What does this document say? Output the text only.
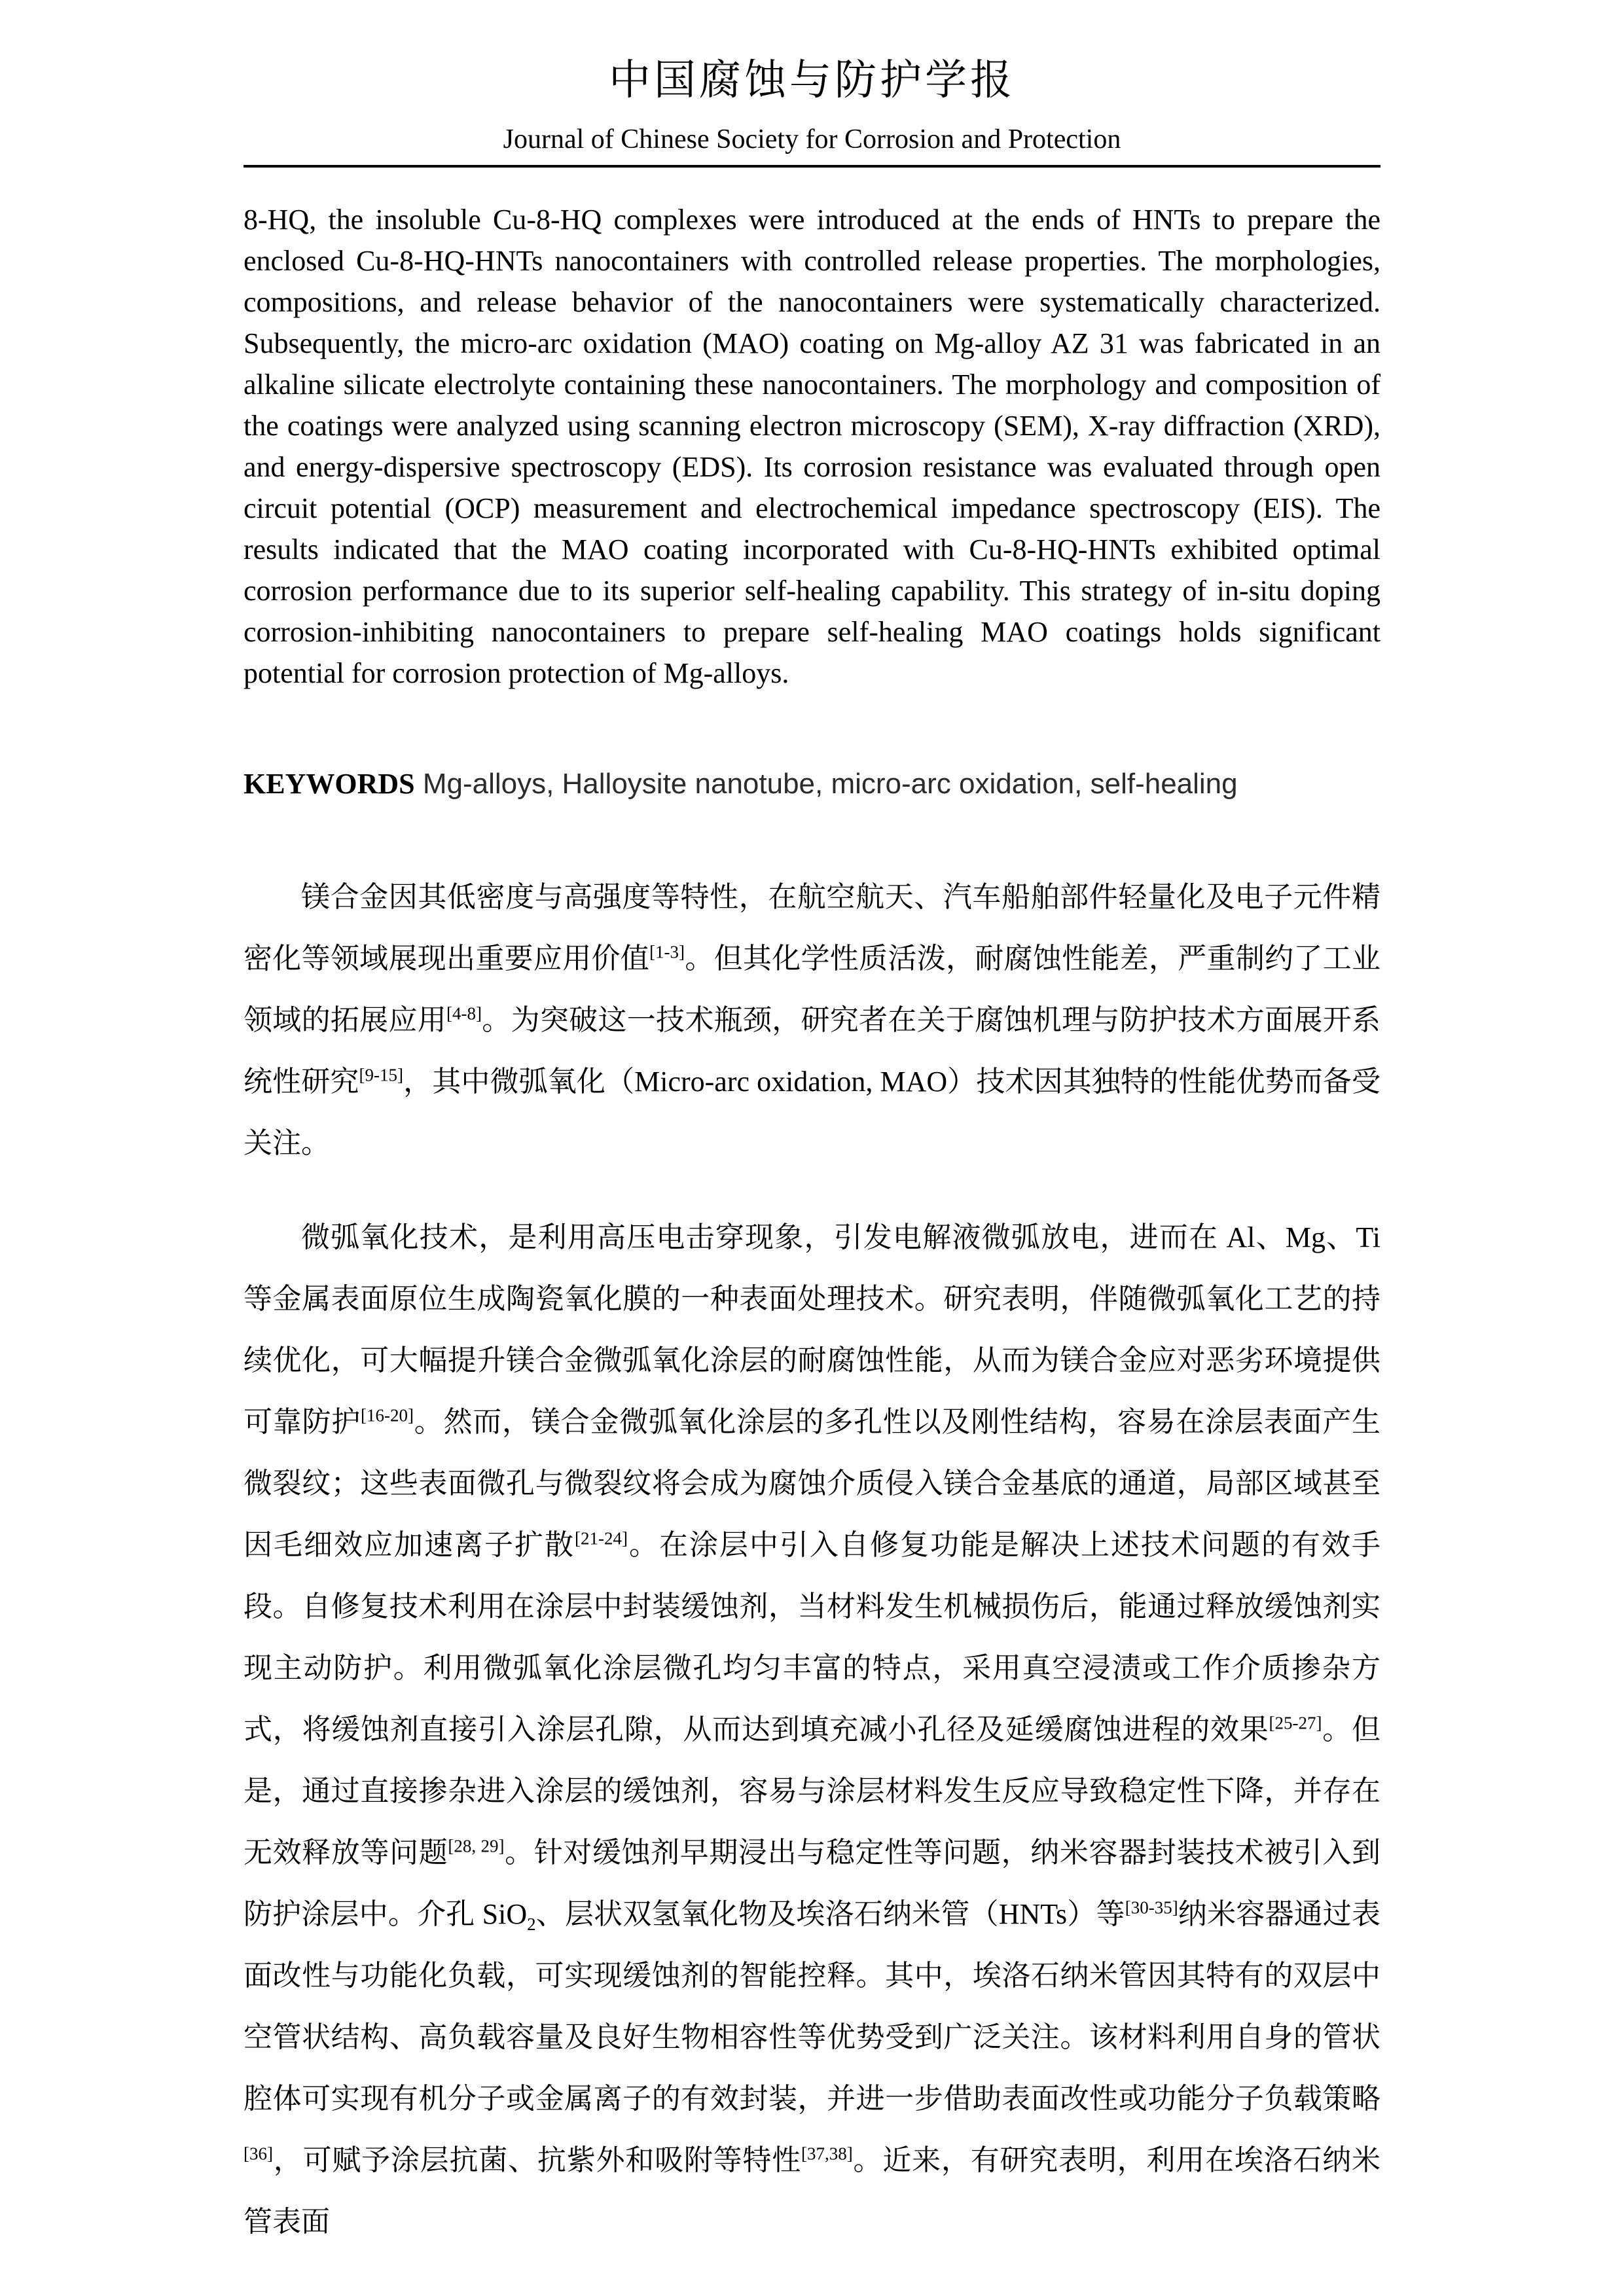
中国腐蚀与防护学报
Journal of Chinese Society for Corrosion and Protection

8-HQ, the insoluble Cu-8-HQ complexes were introduced at the ends of HNTs to prepare the enclosed Cu-8-HQ-HNTs nanocontainers with controlled release properties. The morphologies, compositions, and release behavior of the nanocontainers were systematically characterized. Subsequently, the micro-arc oxidation (MAO) coating on Mg-alloy AZ 31 was fabricated in an alkaline silicate electrolyte containing these nanocontainers. The morphology and composition of the coatings were analyzed using scanning electron microscopy (SEM), X-ray diffraction (XRD), and energy-dispersive spectroscopy (EDS). Its corrosion resistance was evaluated through open circuit potential (OCP) measurement and electrochemical impedance spectroscopy (EIS). The results indicated that the MAO coating incorporated with Cu-8-HQ-HNTs exhibited optimal corrosion performance due to its superior self-healing capability. This strategy of in-situ doping corrosion-inhibiting nanocontainers to prepare self-healing MAO coatings holds significant potential for corrosion protection of Mg-alloys.

KEYWORDS Mg-alloys, Halloysite nanotube, micro-arc oxidation, self-healing

镁合金因其低密度与高强度等特性，在航空航天、汽车船舶部件轻量化及电子元件精密化等领域展现出重要应用价值[1-3]。但其化学性质活泼，耐腐蚀性能差，严重制约了工业领域的拓展应用[4-8]。为突破这一技术瓶颈，研究者在关于腐蚀机理与防护技术方面展开系统性研究[9-15]，其中微弧氧化（Micro-arc oxidation, MAO）技术因其独特的性能优势而备受关注。

微弧氧化技术，是利用高压电击穿现象，引发电解液微弧放电，进而在 Al、Mg、Ti 等金属表面原位生成陶瓷氧化膜的一种表面处理技术。研究表明，伴随微弧氧化工艺的持续优化，可大幅提升镁合金微弧氧化涂层的耐腐蚀性能，从而为镁合金应对恶劣环境提供可靠防护[16-20]。然而，镁合金微弧氧化涂层的多孔性以及刚性结构，容易在涂层表面产生微裂纹；这些表面微孔与微裂纹将会成为腐蚀介质侵入镁合金基底的通道，局部区域甚至因毛细效应加速离子扩散[21-24]。在涂层中引入自修复功能是解决上述技术问题的有效手段。自修复技术利用在涂层中封装缓蚀剂，当材料发生机械损伤后，能通过释放缓蚀剂实现主动防护。利用微弧氧化涂层微孔均匀丰富的特点，采用真空浸渍或工作介质掺杂方式，将缓蚀剂直接引入涂层孔隙，从而达到填充减小孔径及延缓腐蚀进程的效果[25-27]。但是，通过直接掺杂进入涂层的缓蚀剂，容易与涂层材料发生反应导致稳定性下降，并存在无效释放等问题[28, 29]。针对缓蚀剂早期浸出与稳定性等问题，纳米容器封装技术被引入到防护涂层中。介孔 SiO$_2$、层状双氢氧化物及埃洛石纳米管（HNTs）等[30-35]纳米容器通过表面改性与功能化负载，可实现缓蚀剂的智能控释。其中，埃洛石纳米管因其特有的双层中空管状结构、高负载容量及良好生物相容性等优势受到广泛关注。该材料利用自身的管状腔体可实现有机分子或金属离子的有效封装，并进一步借助表面改性或功能分子负载策略[36]，可赋予涂层抗菌、抗紫外和吸附等特性[37,38]。近来，有研究表明，利用在埃洛石纳米管表面
